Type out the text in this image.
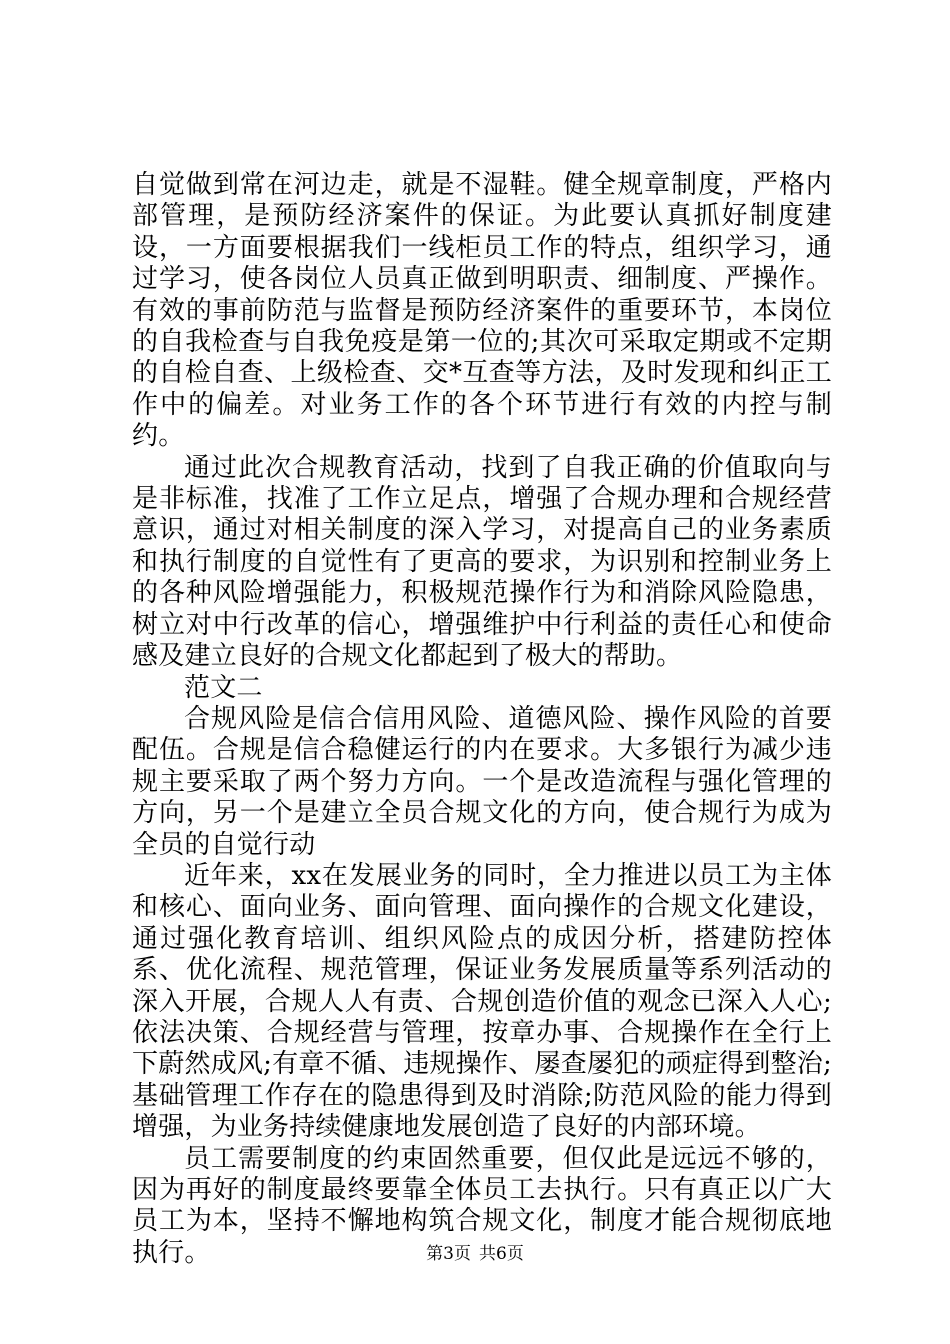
自觉做到常在河边走，就是不湿鞋。健全规章制度，严格内部管理，是预防经济案件的保证。为此要认真抓好制度建设，一方面要根据我们一线柜员工作的特点，组织学习，通过学习，使各岗位人员真正做到明职责、细制度、严操作。有效的事前防范与监督是预防经济案件的重要环节，本岗位的自我检查与自我免疫是第一位的;其次可采取定期或不定期的自检自查、上级检查、交*互查等方法，及时发现和纠正工作中的偏差。对业务工作的各个环节进行有效的内控与制约。

通过此次合规教育活动，找到了自我正确的价值取向与是非标准，找准了工作立足点，增强了合规办理和合规经营意识，通过对相关制度的深入学习，对提高自己的业务素质和执行制度的自觉性有了更高的要求，为识别和控制业务上的各种风险增强能力，积极规范操作行为和消除风险隐患，树立对中行改革的信心，增强维护中行利益的责任心和使命感及建立良好的合规文化都起到了极大的帮助。

范文二

合规风险是信合信用风险、道德风险、操作风险的首要配伍。合规是信合稳健运行的内在要求。大多银行为减少违规主要采取了两个努力方向。一个是改造流程与强化管理的方向，另一个是建立全员合规文化的方向，使合规行为成为全员的自觉行动

近年来，xx在发展业务的同时，全力推进以员工为主体和核心、面向业务、面向管理、面向操作的合规文化建设，通过强化教育培训、组织风险点的成因分析，搭建防控体系、优化流程、规范管理，保证业务发展质量等系列活动的深入开展，合规人人有责、合规创造价值的观念已深入人心;依法决策、合规经营与管理，按章办事、合规操作在全行上下蔚然成风;有章不循、违规操作、屡查屡犯的顽症得到整治;基础管理工作存在的隐患得到及时消除;防范风险的能力得到增强，为业务持续健康地发展创造了良好的内部环境。

员工需要制度的约束固然重要，但仅此是远远不够的，因为再好的制度最终要靠全体员工去执行。只有真正以广大员工为本，坚持不懈地构筑合规文化，制度才能合规彻底地执行。	第3页 共6页
